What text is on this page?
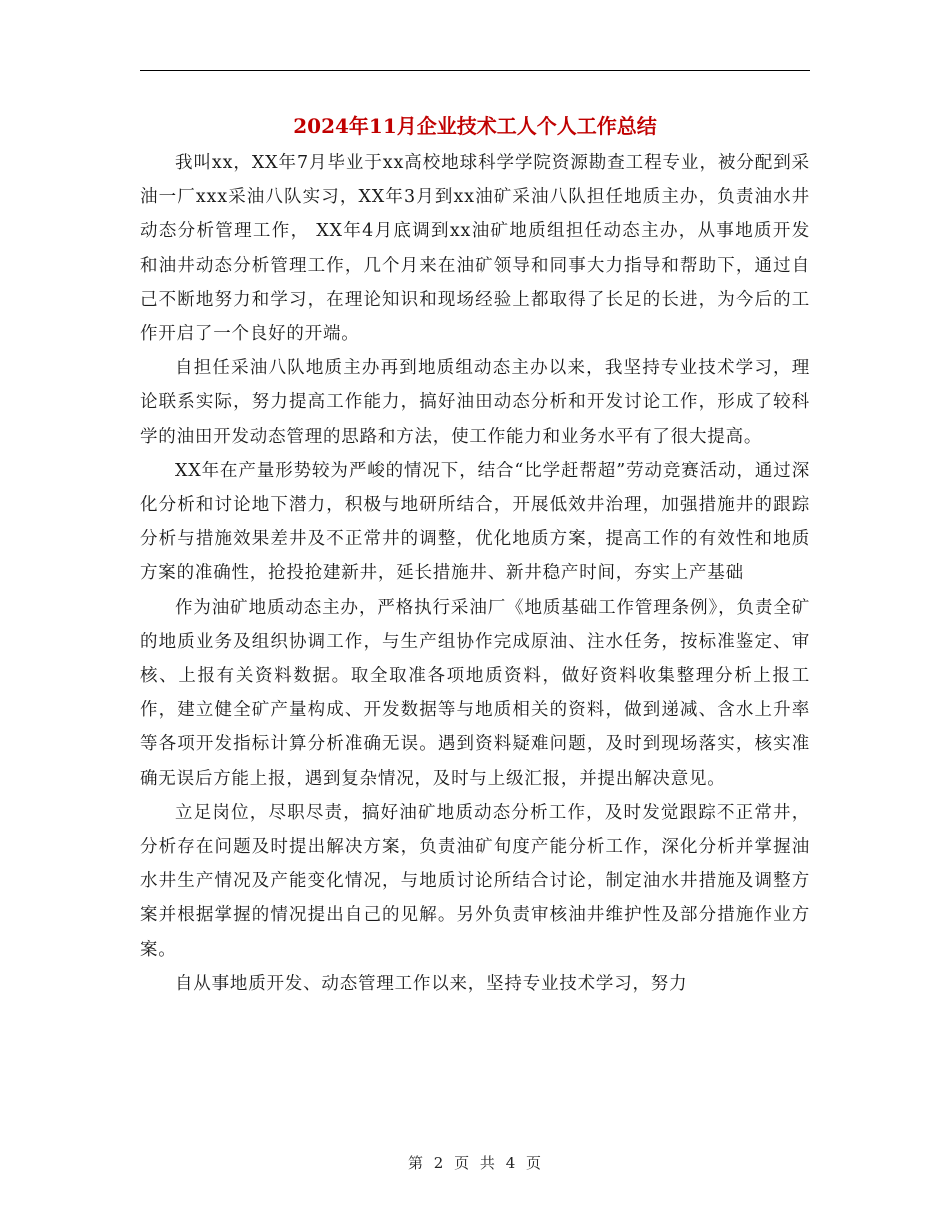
2024年11月企业技术工人个人工作总结

我叫xx，XX年7月毕业于xx高校地球科学学院资源勘查工程专业，被分配到采油一厂xxx采油八队实习，XX年3月到xx油矿采油八队担任地质主办，负责油水井动态分析管理工作， XX年4月底调到xx油矿地质组担任动态主办，从事地质开发和油井动态分析管理工作，几个月来在油矿领导和同事大力指导和帮助下，通过自己不断地努力和学习，在理论知识和现场经验上都取得了长足的长进，为今后的工作开启了一个良好的开端。

自担任采油八队地质主办再到地质组动态主办以来，我坚持专业技术学习，理论联系实际，努力提高工作能力，搞好油田动态分析和开发讨论工作，形成了较科学的油田开发动态管理的思路和方法，使工作能力和业务水平有了很大提高。

XX年在产量形势较为严峻的情况下，结合“比学赶帮超”劳动竞赛活动，通过深化分析和讨论地下潜力，积极与地研所结合，开展低效井治理，加强措施井的跟踪分析与措施效果差井及不正常井的调整，优化地质方案，提高工作的有效性和地质方案的准确性，抢投抢建新井，延长措施井、新井稳产时间，夯实上产基础

作为油矿地质动态主办，严格执行采油厂《地质基础工作管理条例》，负责全矿的地质业务及组织协调工作，与生产组协作完成原油、注水任务，按标准鉴定、审核、上报有关资料数据。取全取准各项地质资料，做好资料收集整理分析上报工作，建立健全矿产量构成、开发数据等与地质相关的资料，做到递减、含水上升率等各项开发指标计算分析准确无误。遇到资料疑难问题，及时到现场落实，核实准确无误后方能上报，遇到复杂情况，及时与上级汇报，并提出解决意见。

立足岗位，尽职尽责，搞好油矿地质动态分析工作，及时发觉跟踪不正常井，分析存在问题及时提出解决方案，负责油矿旬度产能分析工作，深化分析并掌握油水井生产情况及产能变化情况，与地质讨论所结合讨论，制定油水井措施及调整方案并根据掌握的情况提出自己的见解。另外负责审核油井维护性及部分措施作业方案。

自从事地质开发、动态管理工作以来，坚持专业技术学习，努力

第 2 页 共 4 页
